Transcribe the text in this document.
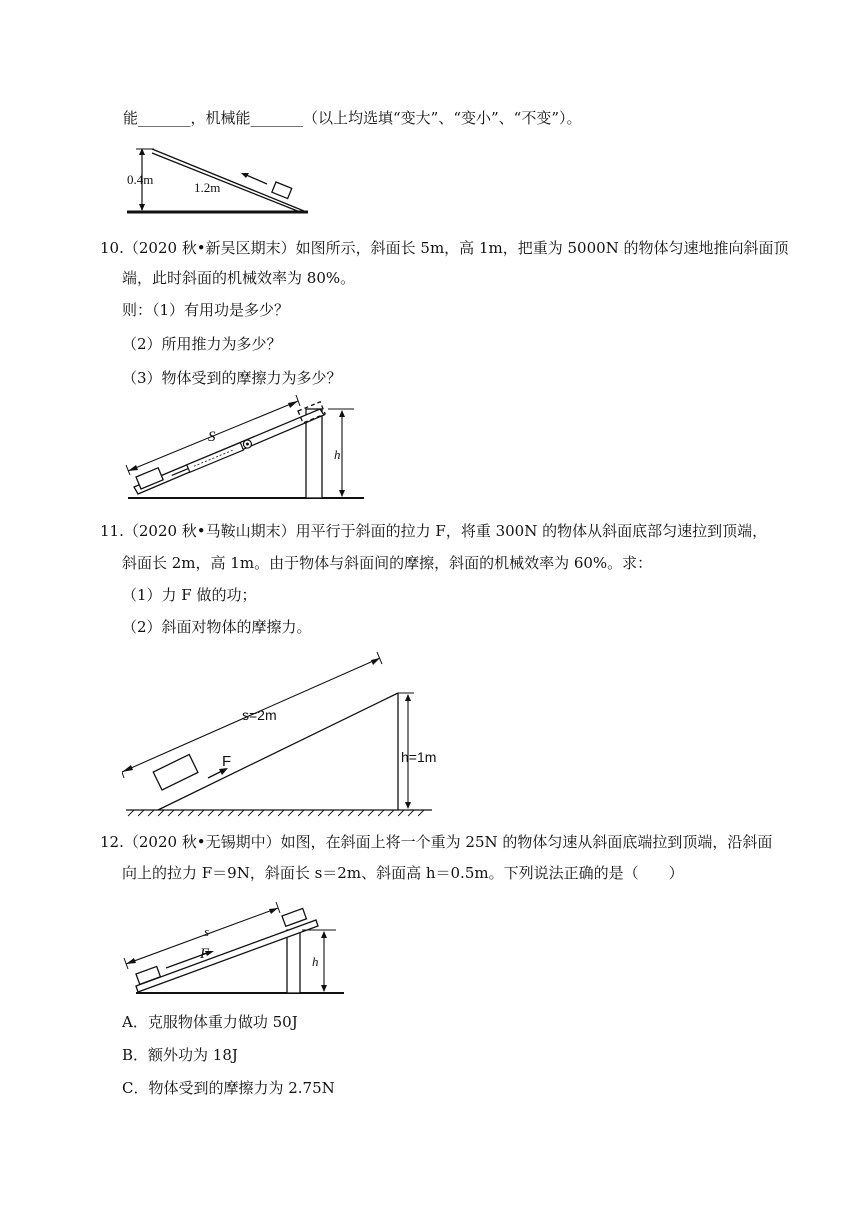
能_______，机械能_______（以上均选填“变大”、“变小”、“不变”）。
0.4m
1.2m
10.（2020 秋•新吴区期末）如图所示，斜面长 5m，高 1m，把重为 5000N 的物体匀速地推向斜面顶
端，此时斜面的机械效率为 80%。
则：（1）有用功是多少？
（2）所用推力为多少？
（3）物体受到的摩擦力为多少？
S
h
11.（2020 秋•马鞍山期末）用平行于斜面的拉力 F，将重 300N 的物体从斜面底部匀速拉到顶端，
斜面长 2m，高 1m。由于物体与斜面间的摩擦，斜面的机械效率为 60%。求：
（1）力 F 做的功；
（2）斜面对物体的摩擦力。
F
s=2m
h=1m
12.（2020 秋•无锡期中）如图，在斜面上将一个重为 25N 的物体匀速从斜面底端拉到顶端，沿斜面
向上的拉力 F＝9N，斜面长 s＝2m、斜面高 h＝0.5m。下列说法正确的是（　　）
F
s
h
A．克服物体重力做功 50J
B．额外功为 18J
C．物体受到的摩擦力为 2.75N
